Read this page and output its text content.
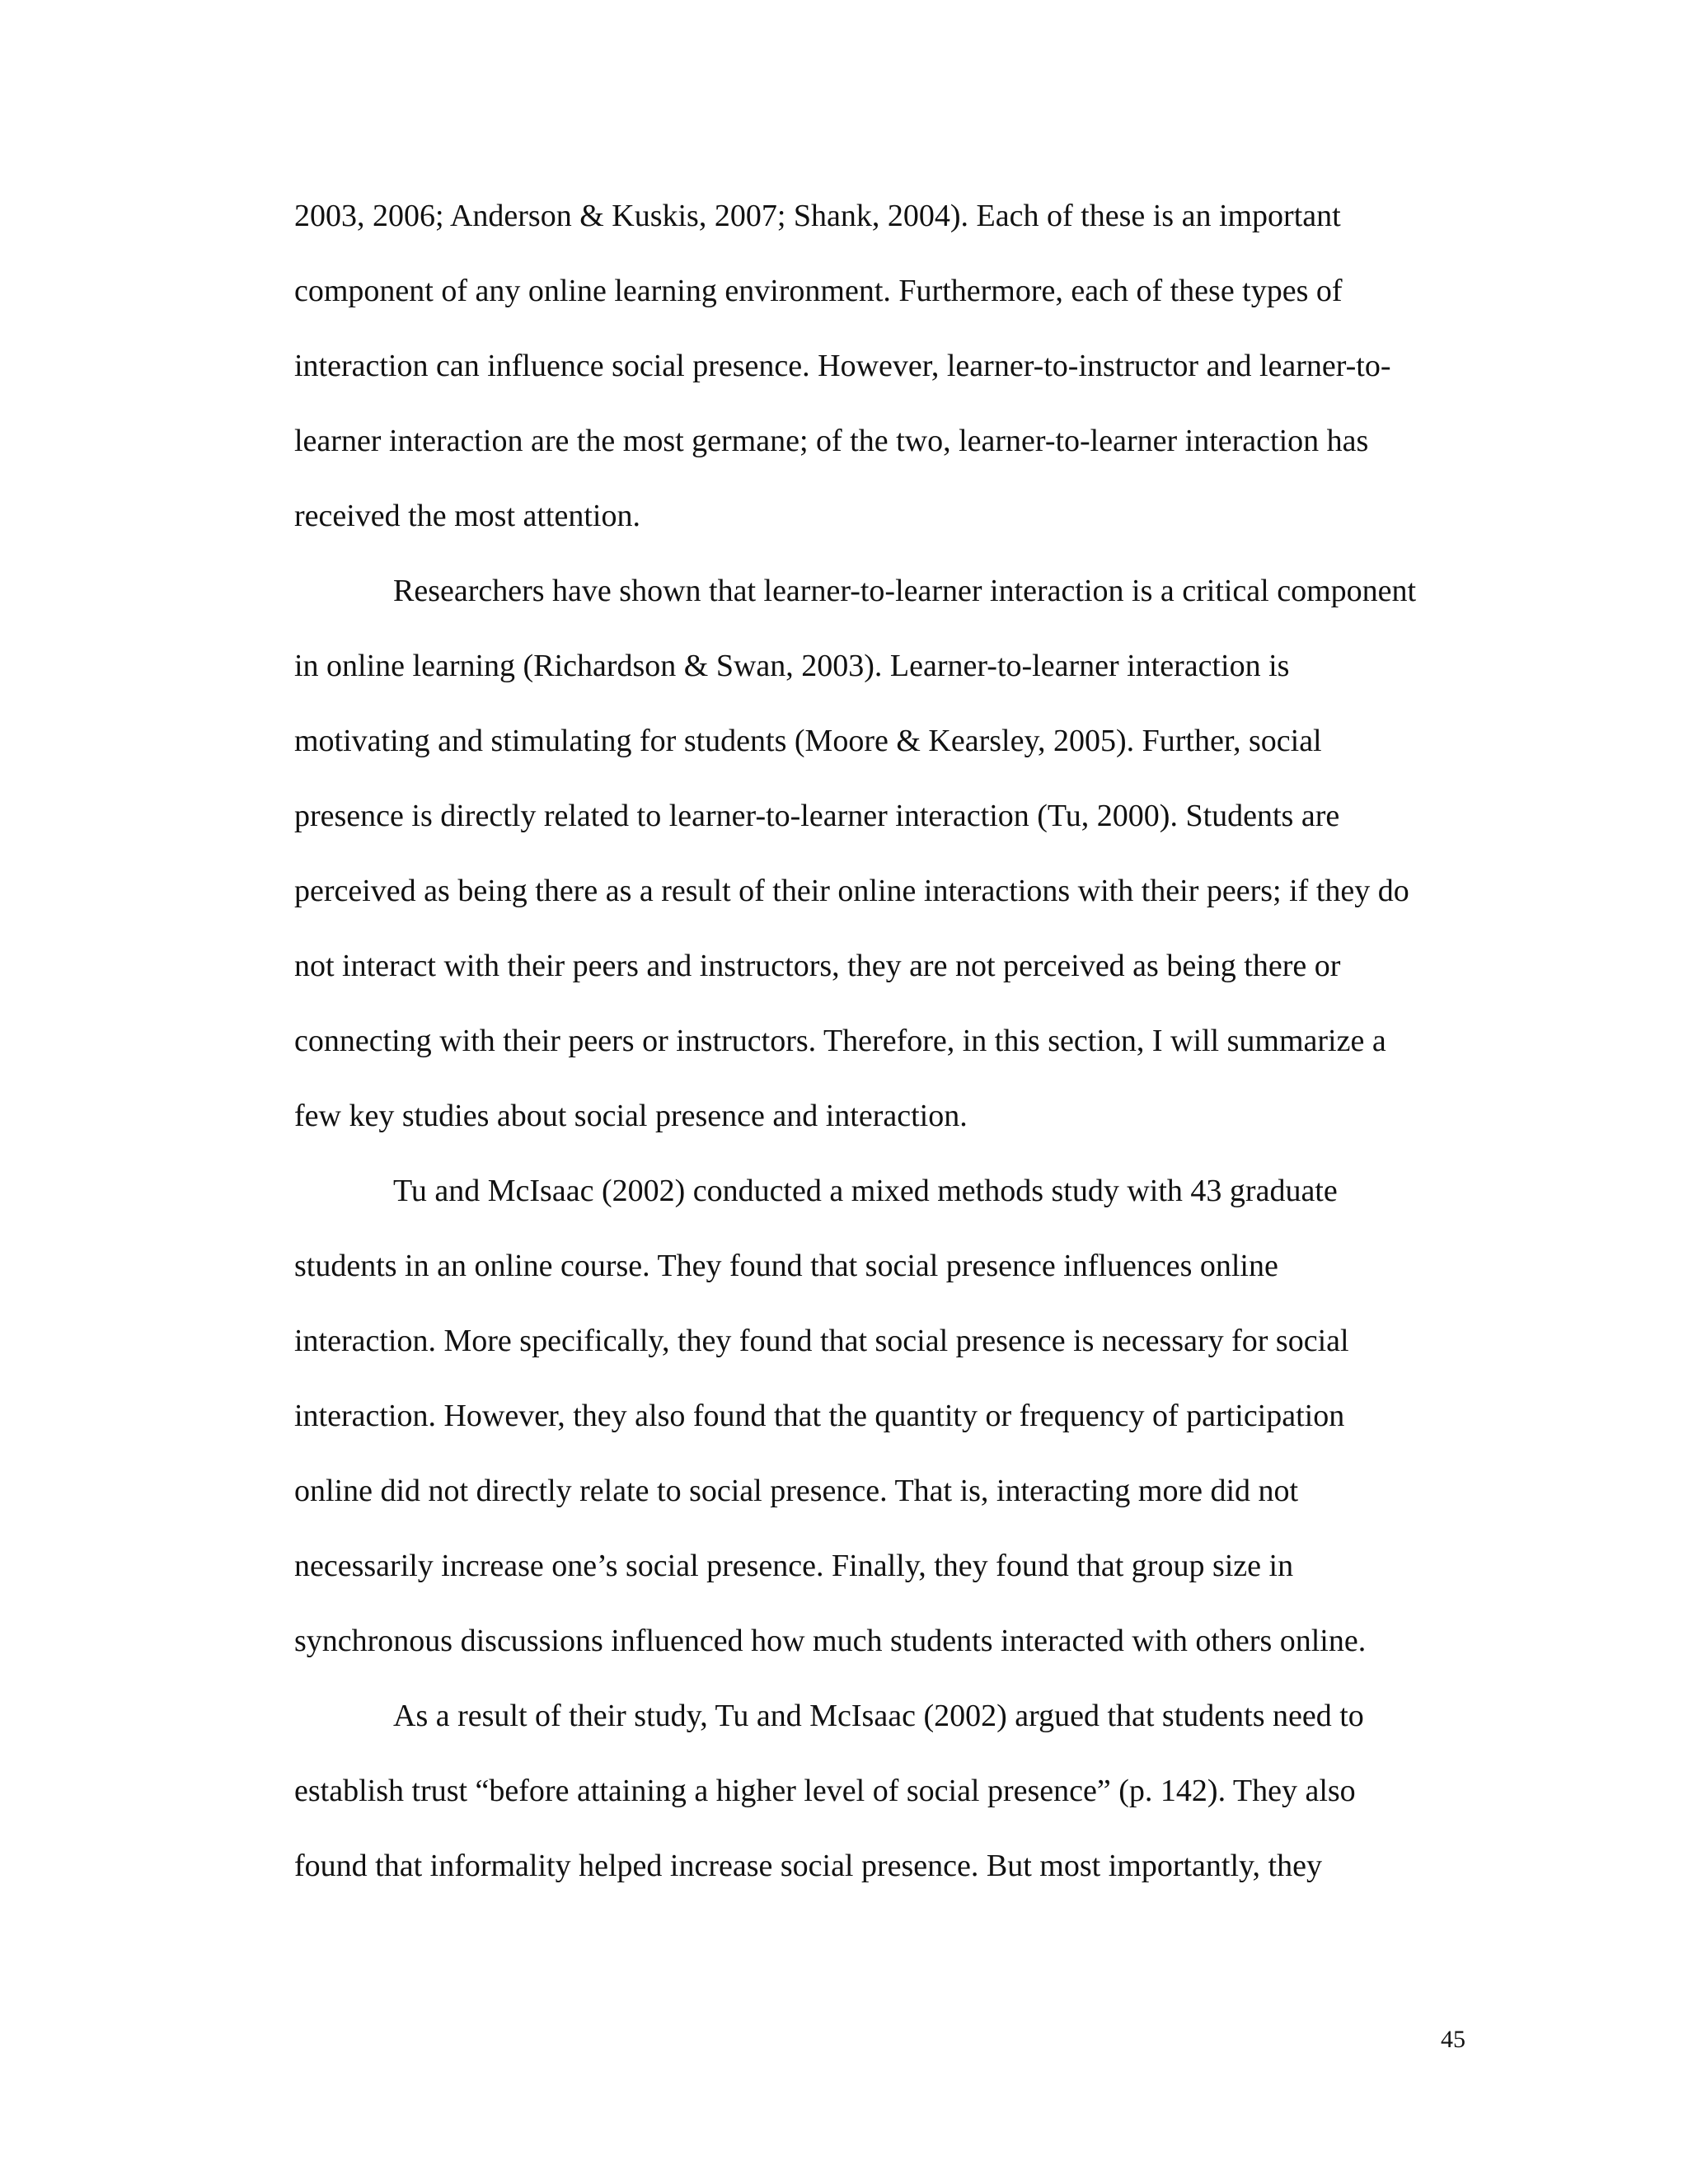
2003, 2006; Anderson & Kuskis, 2007; Shank, 2004). Each of these is an important
component of any online learning environment. Furthermore, each of these types of
interaction can influence social presence. However, learner-to-instructor and learner-to-
learner interaction are the most germane; of the two, learner-to-learner interaction has
received the most attention.
Researchers have shown that learner-to-learner interaction is a critical component
in online learning (Richardson & Swan, 2003). Learner-to-learner interaction is
motivating and stimulating for students (Moore & Kearsley, 2005). Further, social
presence is directly related to learner-to-learner interaction (Tu, 2000). Students are
perceived as being there as a result of their online interactions with their peers; if they do
not interact with their peers and instructors, they are not perceived as being there or
connecting with their peers or instructors. Therefore, in this section, I will summarize a
few key studies about social presence and interaction.
Tu and McIsaac (2002) conducted a mixed methods study with 43 graduate
students in an online course. They found that social presence influences online
interaction. More specifically, they found that social presence is necessary for social
interaction. However, they also found that the quantity or frequency of participation
online did not directly relate to social presence. That is, interacting more did not
necessarily increase one’s social presence. Finally, they found that group size in
synchronous discussions influenced how much students interacted with others online.
As a result of their study, Tu and McIsaac (2002) argued that students need to
establish trust “before attaining a higher level of social presence” (p. 142). They also
found that informality helped increase social presence. But most importantly, they
45
